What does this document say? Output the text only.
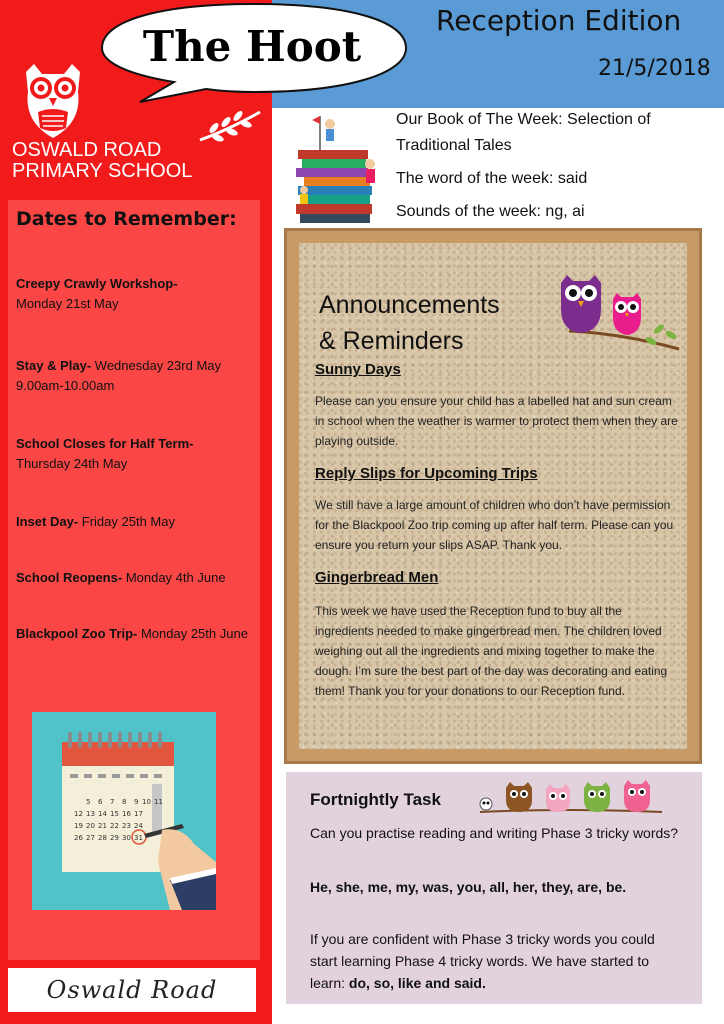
OSWALD ROAD
PRIMARY SCHOOL
Dates to Remember:
Creepy Crawly Workshop-
Monday 21st May
Stay & Play- Wednesday 23rd May 9.00am-10.00am
School Closes for Half Term-
Thursday 24th May
Inset Day- Friday 25th May
School Reopens- Monday 4th June
Blackpool Zoo Trip- Monday 25th June
5 6 7 8 9 10 11
12 13 14 15 16 17
19 20 21 22 23 24
26 27 28 29 30 31
Oswald Road
Reception Edition
21/5/2018
The Hoot
Our Book of The Week: Selection of
Traditional Tales
The word of the week: said
Sounds of the week: ng, ai
Announcements
& Reminders
Sunny Days
Please can you ensure your child has a labelled hat and sun cream in school when the weather is warmer to protect them when they are playing outside.
Reply Slips for Upcoming Trips
We still have a large amount of children who don’t have permission for the Blackpool Zoo trip coming up after half term. Please can you ensure you return your slips ASAP. Thank you.
Gingerbread Men
This week we have used the Reception fund to buy all the ingredients needed to make gingerbread men. The children loved weighing out all the ingredients and mixing together to make the dough. I’m sure the best part of the day was decorating and eating them! Thank you for your donations to our Reception fund.
Fortnightly Task
Can you practise reading and writing Phase 3 tricky words?
He, she, me, my, was, you, all, her, they, are, be.
If you are confident with Phase 3 tricky words you could start learning Phase 4 tricky words. We have started to learn: do, so, like and said.
